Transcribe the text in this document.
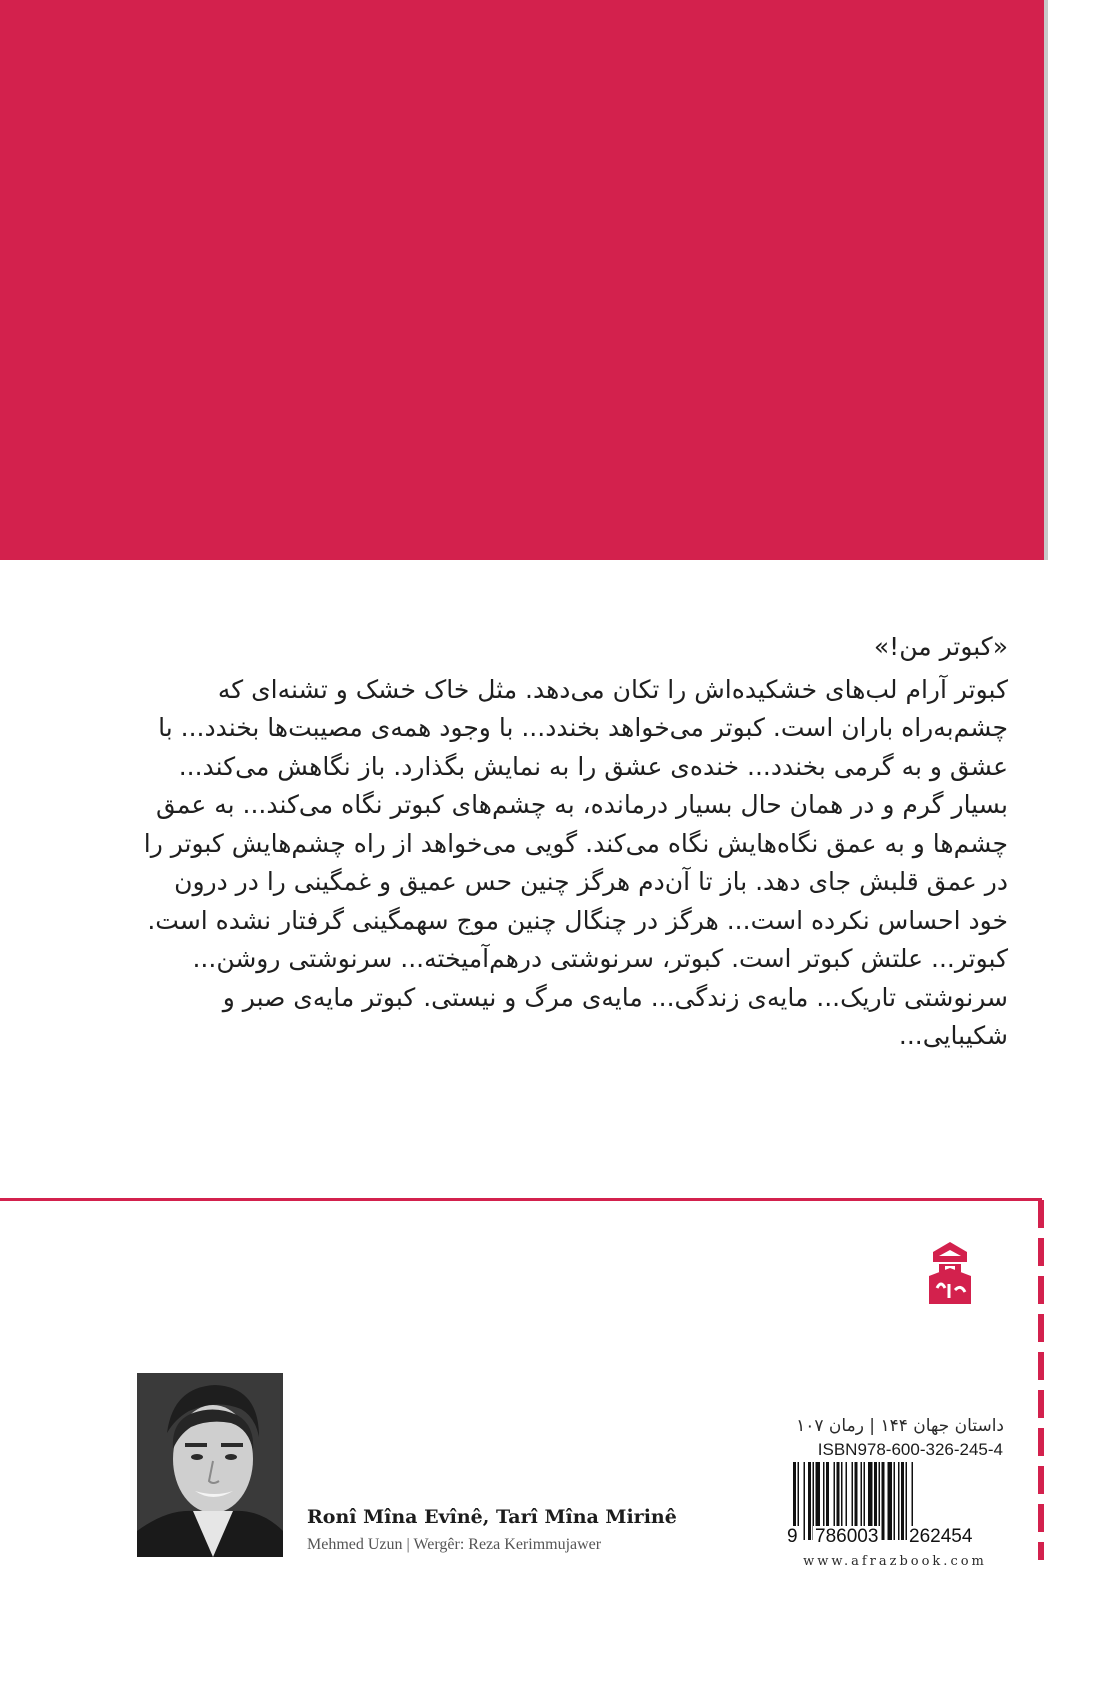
«کبوتر من!»

کبوتر آرام لب‌های خشکیده‌اش را تکان می‌دهد. مثل خاک خشک و تشنه‌ای که چشم‌به‌راه باران است. کبوتر می‌خواهد بخندد... با وجود همه‌ی مصیبت‌ها بخندد... با عشق و به گرمی بخندد... خنده‌ی عشق را به نمایش بگذارد. باز نگاهش می‌کند... بسیار گرم و در همان حال بسیار درمانده، به چشم‌های کبوتر نگاه می‌کند... به عمق چشم‌ها و به عمق نگاه‌هایش نگاه می‌کند. گویی می‌خواهد از راه چشم‌هایش کبوتر را در عمق قلبش جای دهد. باز تا آن‌دم هرگز چنین حس عمیق و غمگینی را در درون خود احساس نکرده است... هرگز در چنگال چنین موج سهمگینی گرفتار نشده است. کبوتر... علتش کبوتر است. کبوتر، سرنوشتی درهم‌آمیخته... سرنوشتی روشن... سرنوشتی تاریک... مایه‌ی زندگی... مایه‌ی مرگ و نیستی. کبوتر مایه‌ی صبر و شکیبایی...

Ronî Mîna Evînê, Tarî Mîna Mirinê
Mehmed Uzun | Wergêr: Reza Kerimmujawer
داستان جهان ۱۴۴ | رمان ۱۰۷
ISBN978-600-326-245-4
9 786003 262454
www.afrazbook.com
